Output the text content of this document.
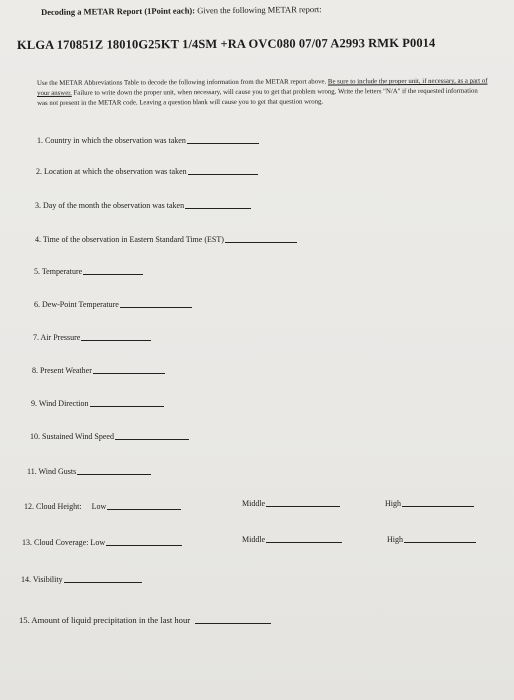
Decoding a METAR Report (1Point each): Given the following METAR report:
KLGA 170851Z 18010G25KT 1/4SM +RA OVC080 07/07 A2993 RMK P0014
Use the METAR Abbreviations Table to decode the following information from the METAR report above. Be sure to include the proper unit, if necessary, as a part of your answer. Failure to write down the proper unit, when necessary, will cause you to get that problem wrong. Write the letters "N/A" if the requested information was not present in the METAR code. Leaving a question blank will cause you to get that question wrong.
1. Country in which the observation was taken
2. Location at which the observation was taken
3. Day of the month the observation was taken
4. Time of the observation in Eastern Standard Time (EST)
5. Temperature
6. Dew-Point Temperature
7. Air Pressure
8. Present Weather
9. Wind Direction
10. Sustained Wind Speed
11. Wind Gusts
12. Cloud Height: Low	Middle	High
13. Cloud Coverage: Low	Middle	High
14. Visibility
15. Amount of liquid precipitation in the last hour
